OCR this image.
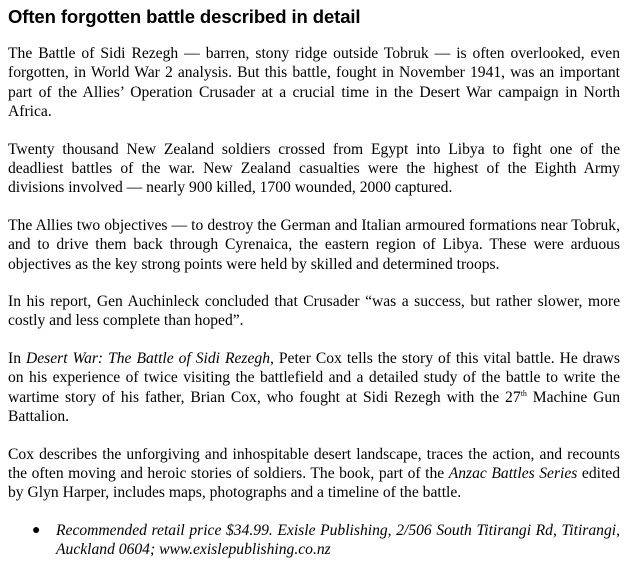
Often forgotten battle described in detail

The Battle of Sidi Rezegh — barren, stony ridge outside Tobruk — is often overlooked, even forgotten, in World War 2 analysis. But this battle, fought in November 1941, was an important part of the Allies’ Operation Crusader at a crucial time in the Desert War campaign in North Africa.

Twenty thousand New Zealand soldiers crossed from Egypt into Libya to fight one of the deadliest battles of the war. New Zealand casualties were the highest of the Eighth Army divisions involved — nearly 900 killed, 1700 wounded, 2000 captured.

The Allies two objectives –– to destroy the German and Italian armoured formations near Tobruk, and to drive them back through Cyrenaica, the eastern region of Libya. These were arduous objectives as the key strong points were held by skilled and determined troops.

In his report, Gen Auchinleck concluded that Crusader “was a success, but rather slower, more costly and less complete than hoped”.

In Desert War: The Battle of Sidi Rezegh, Peter Cox tells the story of this vital battle. He draws on his experience of twice visiting the battlefield and a detailed study of the battle to write the wartime story of his father, Brian Cox, who fought at Sidi Rezegh with the 27th Machine Gun Battalion.

Cox describes the unforgiving and inhospitable desert landscape, traces the action, and recounts the often moving and heroic stories of soldiers. The book, part of the Anzac Battles Series edited by Glyn Harper, includes maps, photographs and a timeline of the battle.

● Recommended retail price $34.99. Exisle Publishing, 2/506 South Titirangi Rd, Titirangi, Auckland 0604; www.exislepublishing.co.nz
